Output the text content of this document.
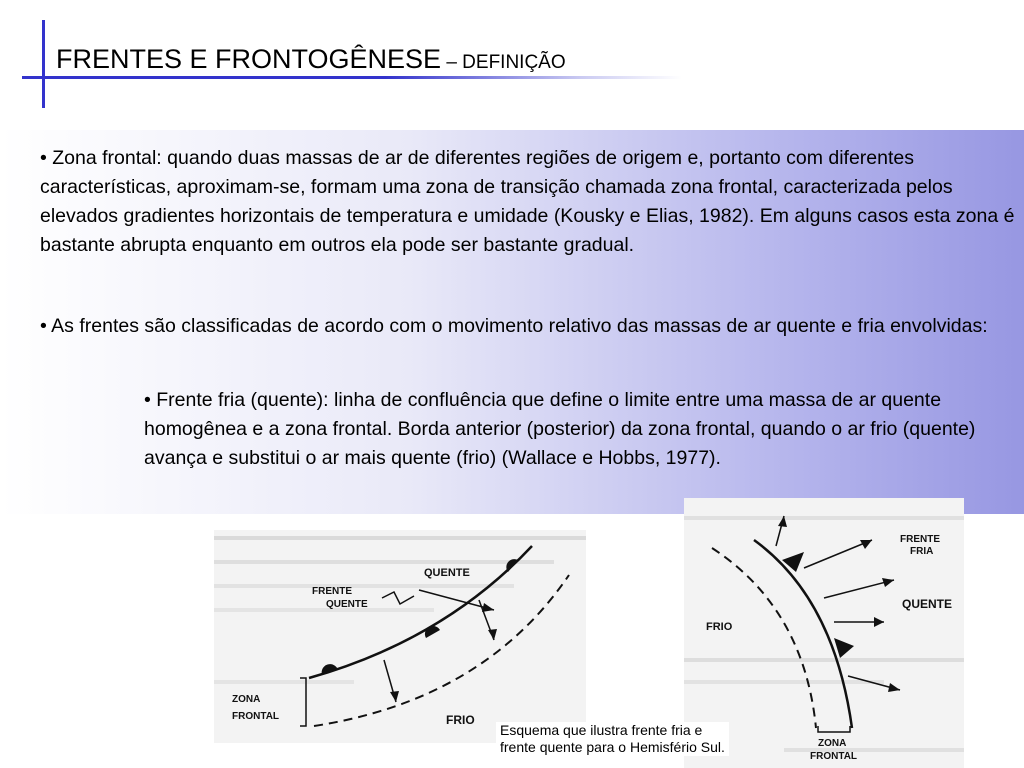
FRENTES E FRONTOGÊNESE – DEFINIÇÃO

• Zona frontal: quando duas massas de ar de diferentes regiões de origem e, portanto com diferentes características, aproximam-se, formam uma zona de transição chamada zona frontal, caracterizada pelos elevados gradientes horizontais de temperatura e umidade (Kousky e Elias, 1982). Em alguns casos esta zona é bastante abrupta enquanto em outros ela pode ser bastante gradual.

• As frentes são classificadas de acordo com o movimento relativo das massas de ar quente e fria envolvidas:

• Frente fria (quente): linha de confluência que define o limite entre uma massa de ar quente homogênea e a zona frontal. Borda anterior (posterior) da zona frontal, quando o ar frio (quente) avança e substitui o ar mais quente (frio) (Wallace e Hobbs, 1977).

QUENTE
FRENTE
QUENTE
ZONA
FRONTAL	FRIO
FRENTE
FRIA
QUENTE
FRIO
ZONA
FRONTAL
Esquema que ilustra frente fria e
frente quente para o Hemisfério Sul.
